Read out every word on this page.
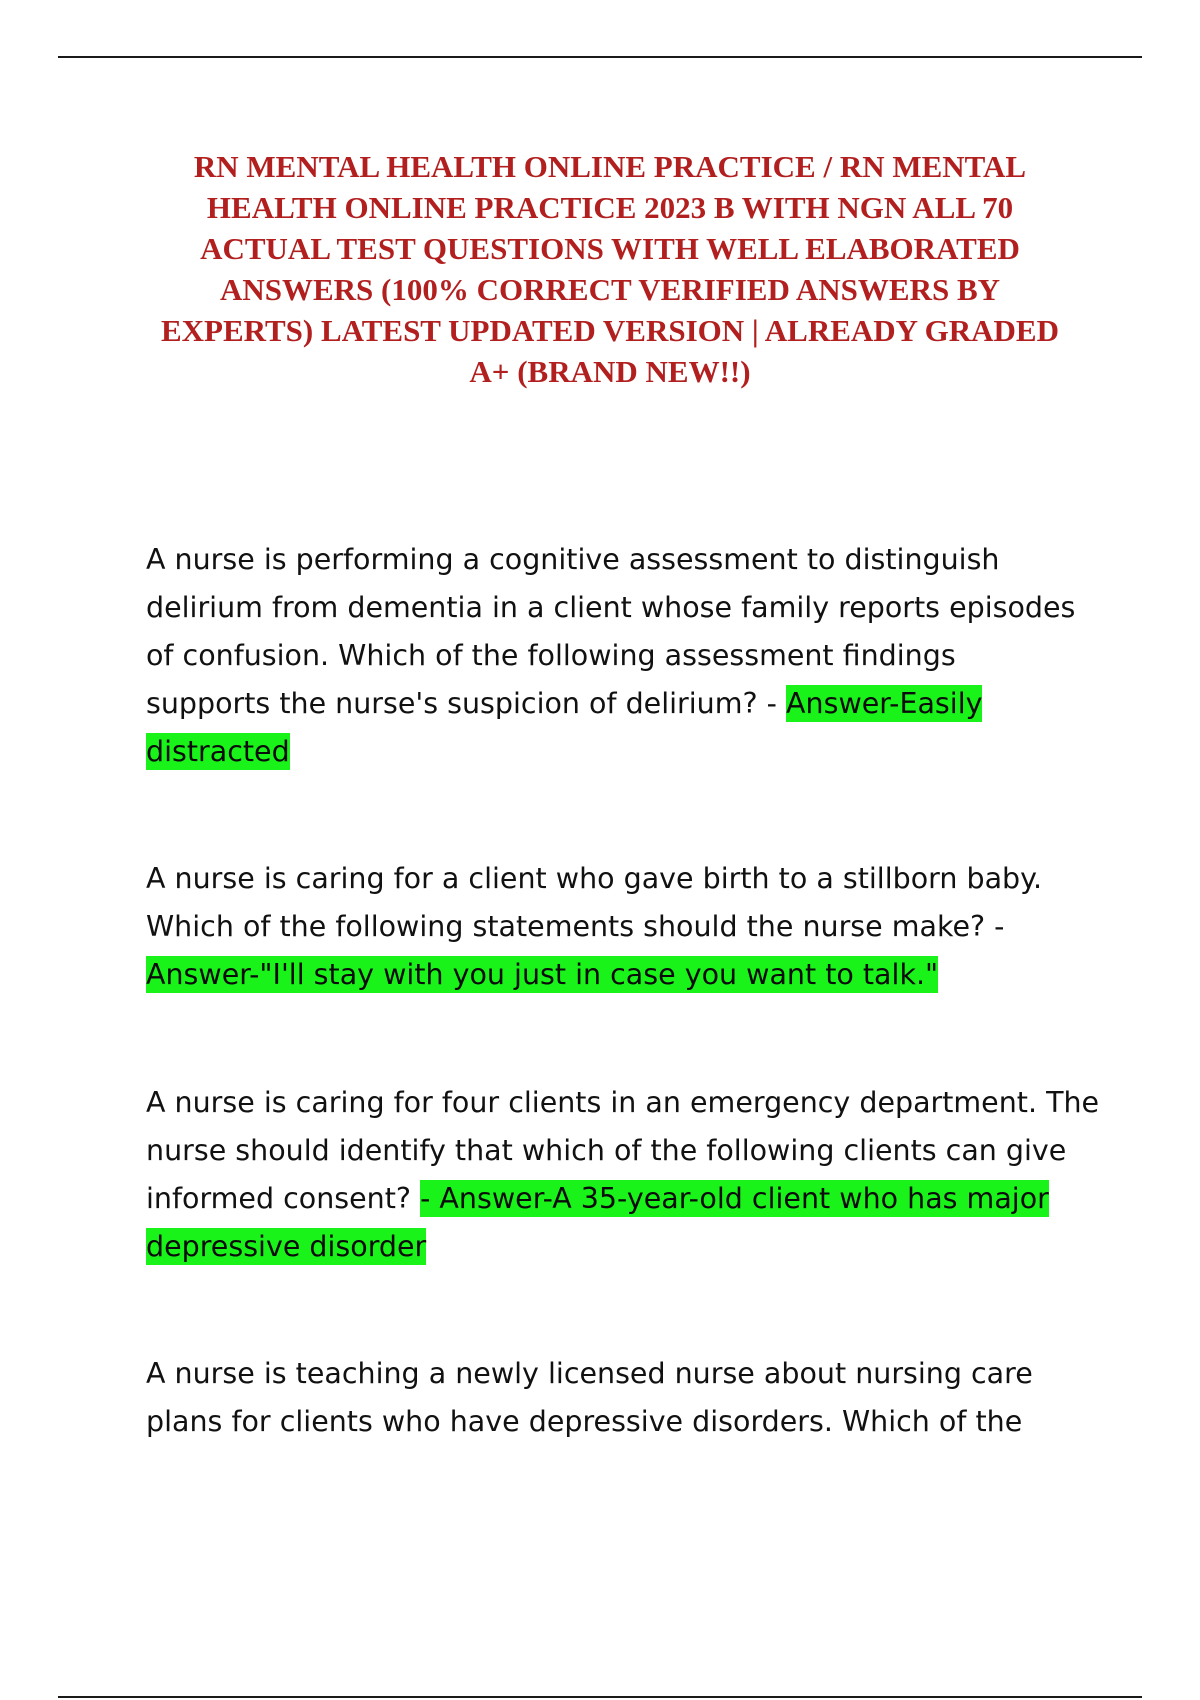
RN MENTAL HEALTH ONLINE PRACTICE / RN MENTAL HEALTH ONLINE PRACTICE 2023 B WITH NGN ALL 70 ACTUAL TEST QUESTIONS WITH WELL ELABORATED ANSWERS (100% CORRECT VERIFIED ANSWERS BY EXPERTS) LATEST UPDATED VERSION | ALREADY GRADED A+ (BRAND NEW!!)

A nurse is performing a cognitive assessment to distinguish delirium from dementia in a client whose family reports episodes of confusion. Which of the following assessment findings supports the nurse's suspicion of delirium? - Answer-Easily distracted

A nurse is caring for a client who gave birth to a stillborn baby. Which of the following statements should the nurse make? - Answer-"I'll stay with you just in case you want to talk."

A nurse is caring for four clients in an emergency department. The nurse should identify that which of the following clients can give informed consent? - Answer-A 35-year-old client who has major depressive disorder

A nurse is teaching a newly licensed nurse about nursing care plans for clients who have depressive disorders. Which of the
